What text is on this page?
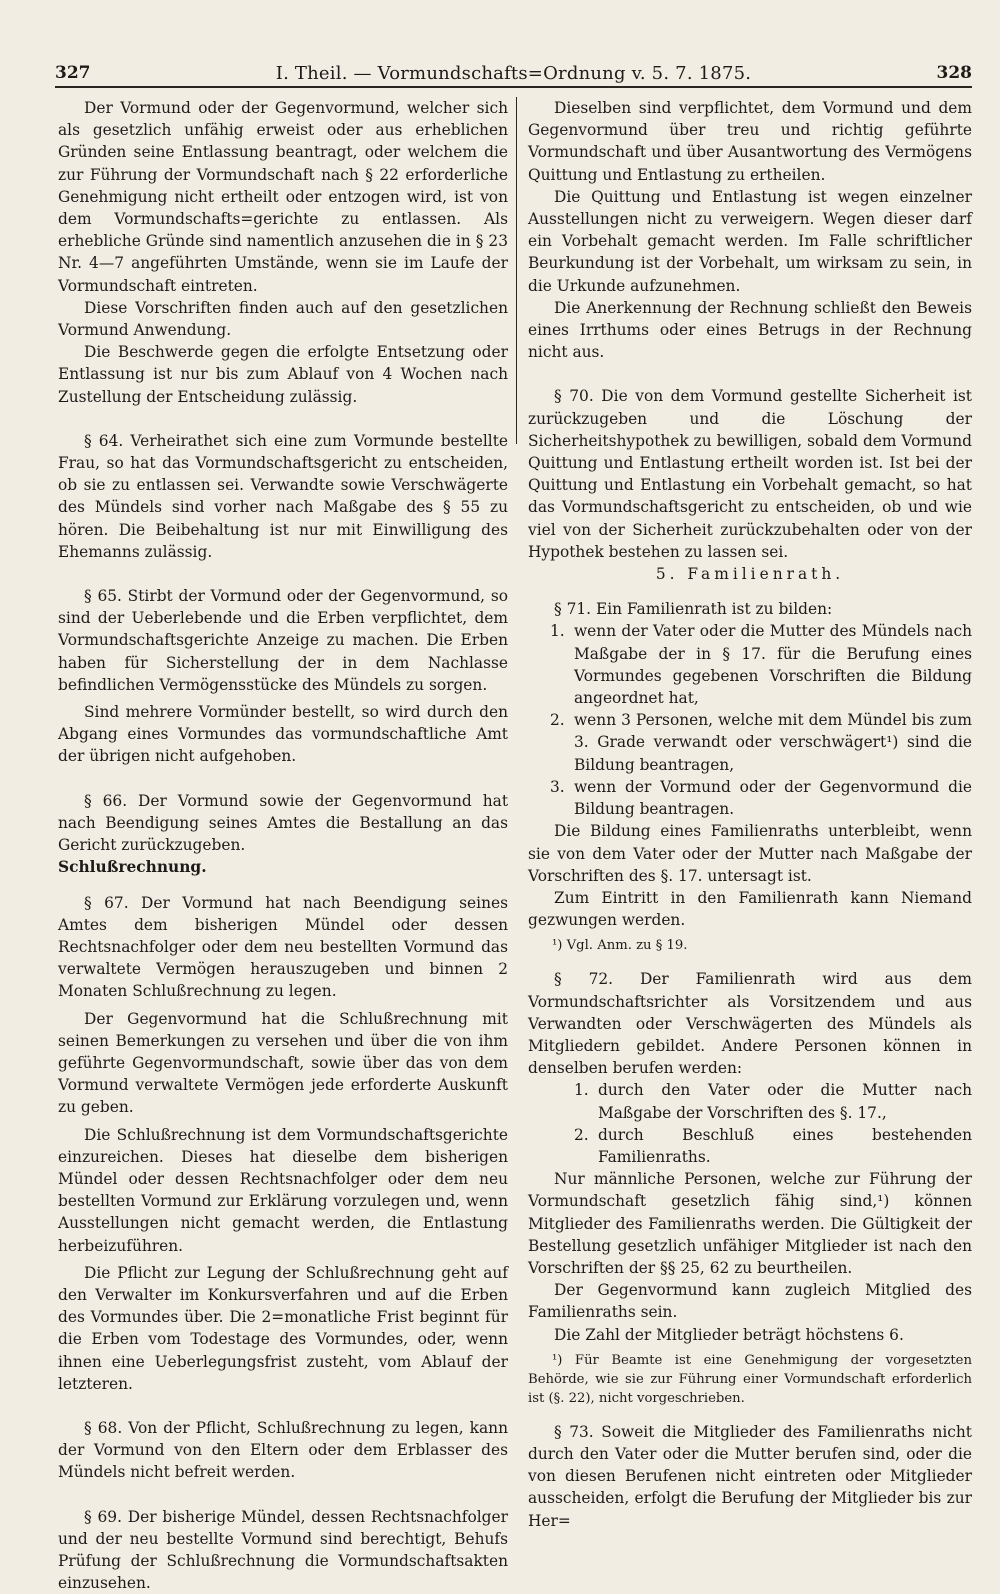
327	I. Theil. — Vormundschafts=Ordnung v. 5. 7. 1875.	328

Der Vormund oder der Gegenvormund, welcher sich als gesetzlich unfähig erweist oder aus erheblichen Gründen seine Entlassung beantragt, oder welchem die zur Führung der Vormundschaft nach § 22 erforderliche Genehmigung nicht ertheilt oder entzogen wird, ist von dem Vormundschafts=gerichte zu entlassen. Als erhebliche Gründe sind namentlich anzusehen die in § 23 Nr. 4—7 angeführten Umstände, wenn sie im Laufe der Vormundschaft eintreten.

Diese Vorschriften finden auch auf den gesetzlichen Vormund Anwendung.

Die Beschwerde gegen die erfolgte Entsetzung oder Entlassung ist nur bis zum Ablauf von 4 Wochen nach Zustellung der Entscheidung zulässig.

§ 64. Verheirathet sich eine zum Vormunde bestellte Frau, so hat das Vormundschaftsgericht zu entscheiden, ob sie zu entlassen sei. Verwandte sowie Verschwägerte des Mündels sind vorher nach Maßgabe des § 55 zu hören. Die Beibehaltung ist nur mit Einwilligung des Ehemanns zulässig.

§ 65. Stirbt der Vormund oder der Gegenvormund, so sind der Ueberlebende und die Erben verpflichtet, dem Vormundschaftsgerichte Anzeige zu machen. Die Erben haben für Sicherstellung der in dem Nachlasse befindlichen Vermögensstücke des Mündels zu sorgen.

Sind mehrere Vormünder bestellt, so wird durch den Abgang eines Vormundes das vormundschaftliche Amt der übrigen nicht aufgehoben.

§ 66. Der Vormund sowie der Gegenvormund hat nach Beendigung seines Amtes die Bestallung an das Gericht zurückzugeben.

Schlußrechnung.

§ 67. Der Vormund hat nach Beendigung seines Amtes dem bisherigen Mündel oder dessen Rechtsnachfolger oder dem neu bestellten Vormund das verwaltete Vermögen herauszugeben und binnen 2 Monaten Schlußrechnung zu legen.

Der Gegenvormund hat die Schlußrechnung mit seinen Bemerkungen zu versehen und über die von ihm geführte Gegenvormundschaft, sowie über das von dem Vormund verwaltete Vermögen jede erforderte Auskunft zu geben.

Die Schlußrechnung ist dem Vormundschaftsgerichte einzureichen. Dieses hat dieselbe dem bisherigen Mündel oder dessen Rechtsnachfolger oder dem neu bestellten Vormund zur Erklärung vorzulegen und, wenn Ausstellungen nicht gemacht werden, die Entlastung herbeizuführen.

Die Pflicht zur Legung der Schlußrechnung geht auf den Verwalter im Konkursverfahren und auf die Erben des Vormundes über. Die 2=monatliche Frist beginnt für die Erben vom Todestage des Vormundes, oder, wenn ihnen eine Ueberlegungsfrist zusteht, vom Ablauf der letzteren.

§ 68. Von der Pflicht, Schlußrechnung zu legen, kann der Vormund von den Eltern oder dem Erblasser des Mündels nicht befreit werden.

§ 69. Der bisherige Mündel, dessen Rechtsnachfolger und der neu bestellte Vormund sind berechtigt, Behufs Prüfung der Schlußrechnung die Vormundschaftsakten einzusehen.

Dieselben sind verpflichtet, dem Vormund und dem Gegenvormund über treu und richtig geführte Vormundschaft und über Ausantwortung des Vermögens Quittung und Entlastung zu ertheilen.

Die Quittung und Entlastung ist wegen einzelner Ausstellungen nicht zu verweigern. Wegen dieser darf ein Vorbehalt gemacht werden. Im Falle schriftlicher Beurkundung ist der Vorbehalt, um wirksam zu sein, in die Urkunde aufzunehmen.

Die Anerkennung der Rechnung schließt den Beweis eines Irrthums oder eines Betrugs in der Rechnung nicht aus.

§ 70. Die von dem Vormund gestellte Sicherheit ist zurückzugeben und die Löschung der Sicherheitshypothek zu bewilligen, sobald dem Vormund Quittung und Entlastung ertheilt worden ist. Ist bei der Quittung und Entlastung ein Vorbehalt gemacht, so hat das Vormundschaftsgericht zu entscheiden, ob und wie viel von der Sicherheit zurückzubehalten oder von der Hypothek bestehen zu lassen sei.

5. Familienrath.

§ 71. Ein Familienrath ist zu bilden:

1. wenn der Vater oder die Mutter des Mündels nach Maßgabe der in § 17. für die Berufung eines Vormundes gegebenen Vorschriften die Bildung angeordnet hat,
2. wenn 3 Personen, welche mit dem Mündel bis zum 3. Grade verwandt oder verschwägert¹) sind die Bildung beantragen,
3. wenn der Vormund oder der Gegenvormund die Bildung beantragen.

Die Bildung eines Familienraths unterbleibt, wenn sie von dem Vater oder der Mutter nach Maßgabe der Vorschriften des §. 17. untersagt ist.

Zum Eintritt in den Familienrath kann Niemand gezwungen werden.

¹) Vgl. Anm. zu § 19.

§ 72. Der Familienrath wird aus dem Vormundschaftsrichter als Vorsitzendem und aus Verwandten oder Verschwägerten des Mündels als Mitgliedern gebildet. Andere Personen können in denselben berufen werden:

1. durch den Vater oder die Mutter nach Maßgabe der Vorschriften des §. 17.,
2. durch Beschluß eines bestehenden Familienraths.

Nur männliche Personen, welche zur Führung der Vormundschaft gesetzlich fähig sind,¹) können Mitglieder des Familienraths werden. Die Gültigkeit der Bestellung gesetzlich unfähiger Mitglieder ist nach den Vorschriften der §§ 25, 62 zu beurtheilen.

Der Gegenvormund kann zugleich Mitglied des Familienraths sein.

Die Zahl der Mitglieder beträgt höchstens 6.

¹) Für Beamte ist eine Genehmigung der vorgesetzten Behörde, wie sie zur Führung einer Vormundschaft erforderlich ist (§. 22), nicht vorgeschrieben.

§ 73. Soweit die Mitglieder des Familienraths nicht durch den Vater oder die Mutter berufen sind, oder die von diesen Berufenen nicht eintreten oder Mitglieder ausscheiden, erfolgt die Berufung der Mitglieder bis zur Her=
